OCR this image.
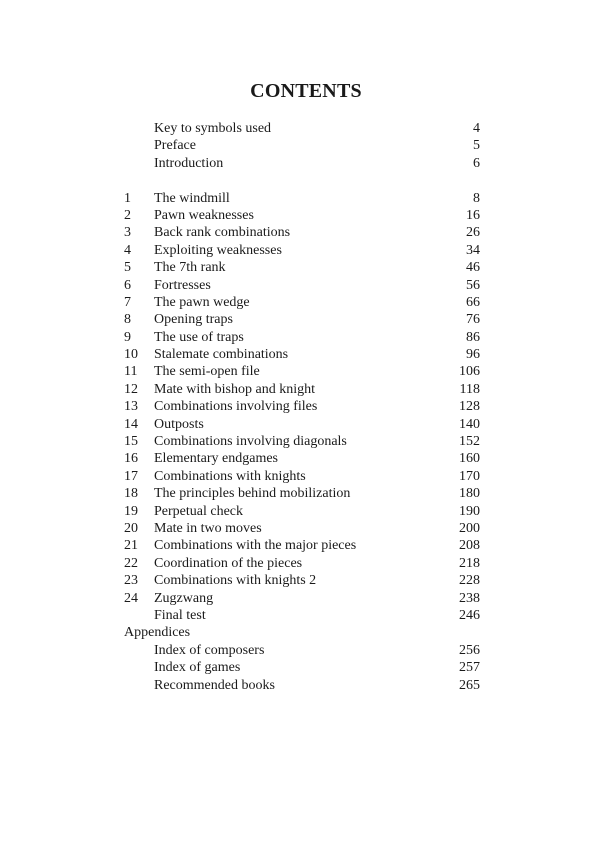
CONTENTS
Key to symbols used	4
Preface	5
Introduction	6
1	The windmill	8
2	Pawn weaknesses	16
3	Back rank combinations	26
4	Exploiting weaknesses	34
5	The 7th rank	46
6	Fortresses	56
7	The pawn wedge	66
8	Opening traps	76
9	The use of traps	86
10	Stalemate combinations	96
11	The semi-open file	106
12	Mate with bishop and knight	118
13	Combinations involving files	128
14	Outposts	140
15	Combinations involving diagonals	152
16	Elementary endgames	160
17	Combinations with knights	170
18	The principles behind mobilization	180
19	Perpetual check	190
20	Mate in two moves	200
21	Combinations with the major pieces	208
22	Coordination of the pieces	218
23	Combinations with knights 2	228
24	Zugzwang	238
Final test	246
Appendices
Index of composers	256
Index of games	257
Recommended books	265
